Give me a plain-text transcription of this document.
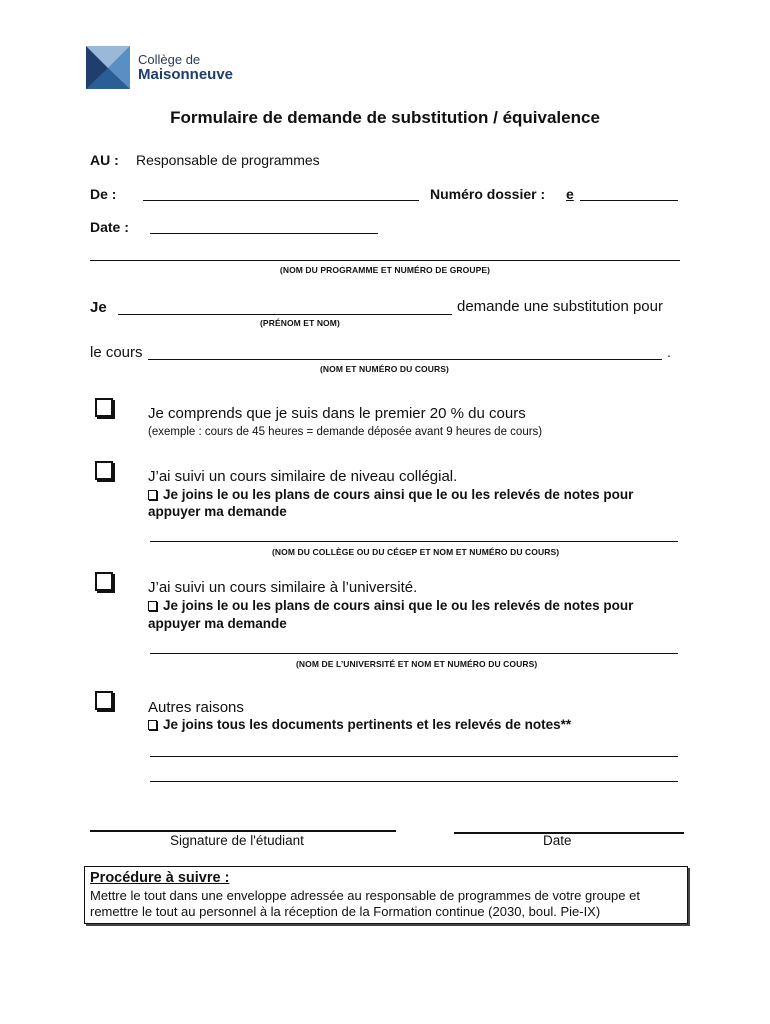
Collège de
Maisonneuve
Formulaire de demande de substitution / équivalence
AU : Responsable de programmes
De :	Numéro dossier : e
Date :
(NOM DU PROGRAMME ET NUMÉRO DE GROUPE)
Je	demande une substitution pour
(PRÉNOM ET NOM)
le cours	.
(NOM ET NUMÉRO DU COURS)
Je comprends que je suis dans le premier 20 % du cours
(exemple : cours de 45 heures = demande déposée avant 9 heures de cours)
J’ai suivi un cours similaire de niveau collégial.
Je joins le ou les plans de cours ainsi que le ou les relevés de notes pour
appuyer ma demande
(NOM DU COLLÈGE OU DU CÉGEP ET NOM ET NUMÉRO DU COURS)
J’ai suivi un cours similaire à l’université.
Je joins le ou les plans de cours ainsi que le ou les relevés de notes pour
appuyer ma demande
(NOM DE L’UNIVERSITÉ ET NOM ET NUMÉRO DU COURS)
Autres raisons
Je joins tous les documents pertinents et les relevés de notes**
Signature de l'étudiant	Date
Procédure à suivre :
Mettre le tout dans une enveloppe adressée au responsable de programmes de votre groupe et
remettre le tout au personnel à la réception de la Formation continue (2030, boul. Pie-IX)
